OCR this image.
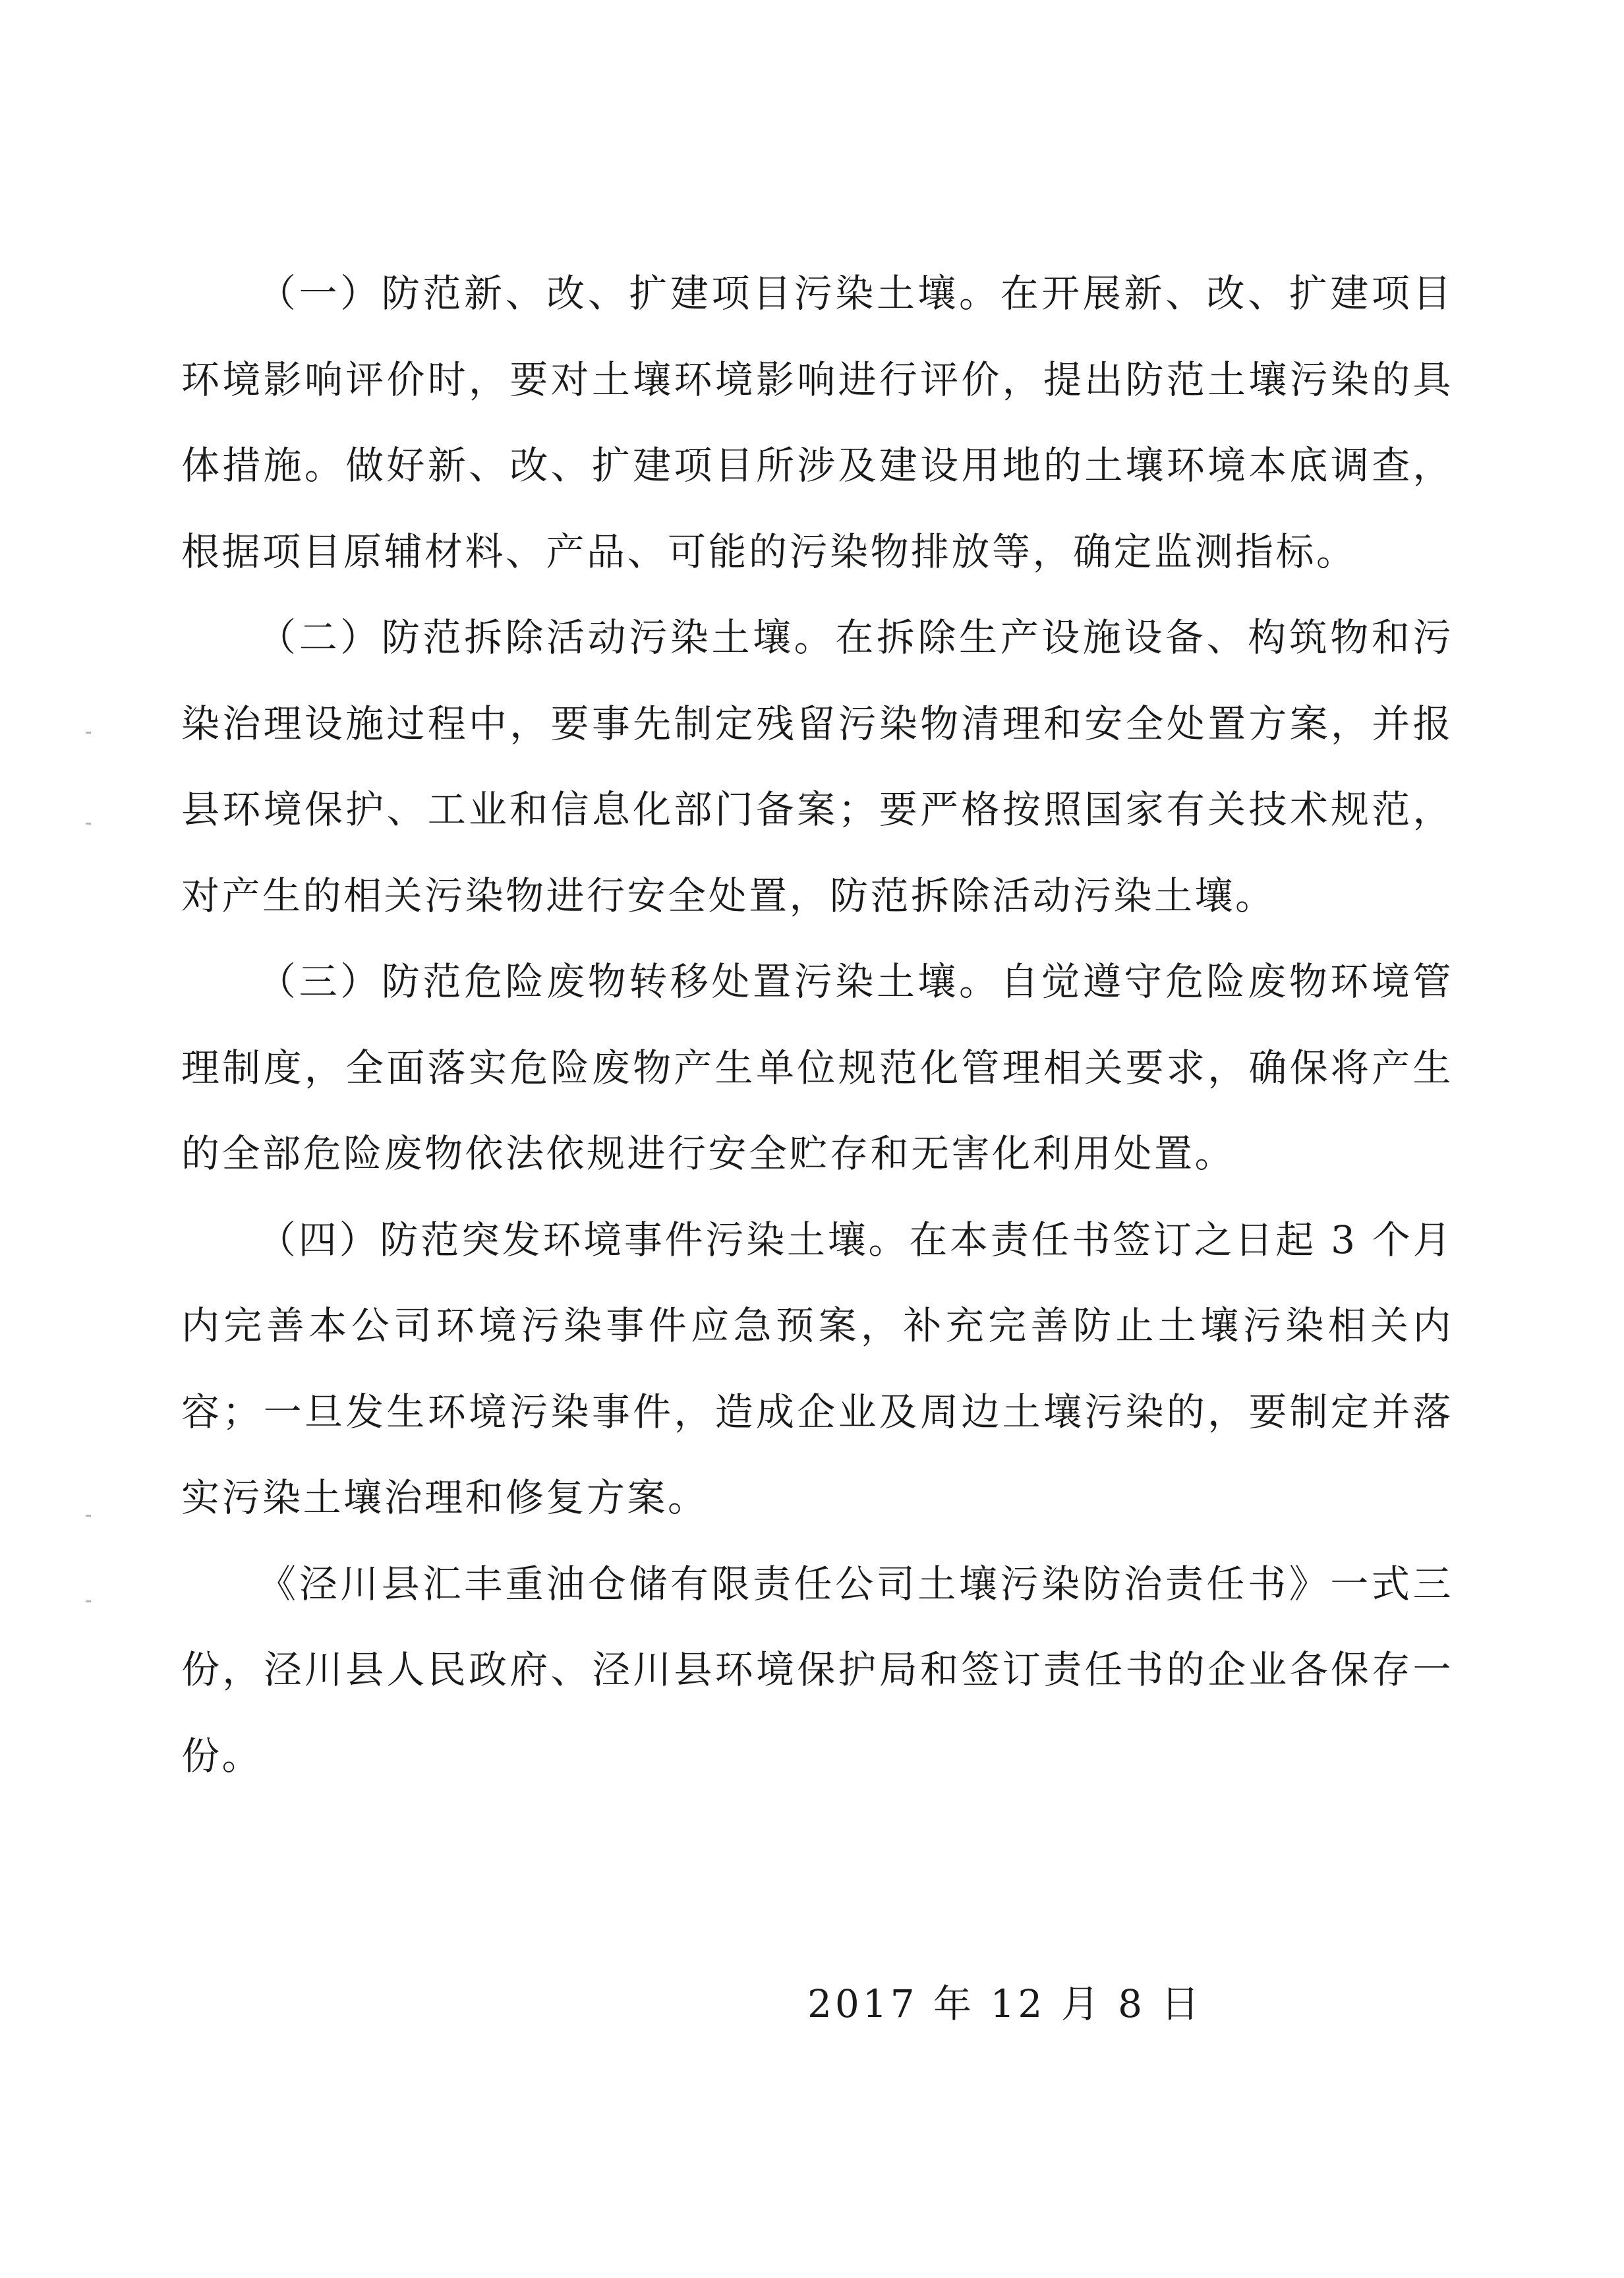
（一）防范新、改、扩建项目污染土壤。在开展新、改、扩建项目环境影响评价时，要对土壤环境影响进行评价，提出防范土壤污染的具体措施。做好新、改、扩建项目所涉及建设用地的土壤环境本底调查，根据项目原辅材料、产品、可能的污染物排放等，确定监测指标。

（二）防范拆除活动污染土壤。在拆除生产设施设备、构筑物和污染治理设施过程中，要事先制定残留污染物清理和安全处置方案，并报县环境保护、工业和信息化部门备案；要严格按照国家有关技术规范，对产生的相关污染物进行安全处置，防范拆除活动污染土壤。

（三）防范危险废物转移处置污染土壤。自觉遵守危险废物环境管理制度，全面落实危险废物产生单位规范化管理相关要求，确保将产生的全部危险废物依法依规进行安全贮存和无害化利用处置。

（四）防范突发环境事件污染土壤。在本责任书签订之日起 3 个月内完善本公司环境污染事件应急预案，补充完善防止土壤污染相关内容；一旦发生环境污染事件，造成企业及周边土壤污染的，要制定并落实污染土壤治理和修复方案。

《泾川县汇丰重油仓储有限责任公司土壤污染防治责任书》一式三份，泾川县人民政府、泾川县环境保护局和签订责任书的企业各保存一份。

2017 年 12 月 8 日
